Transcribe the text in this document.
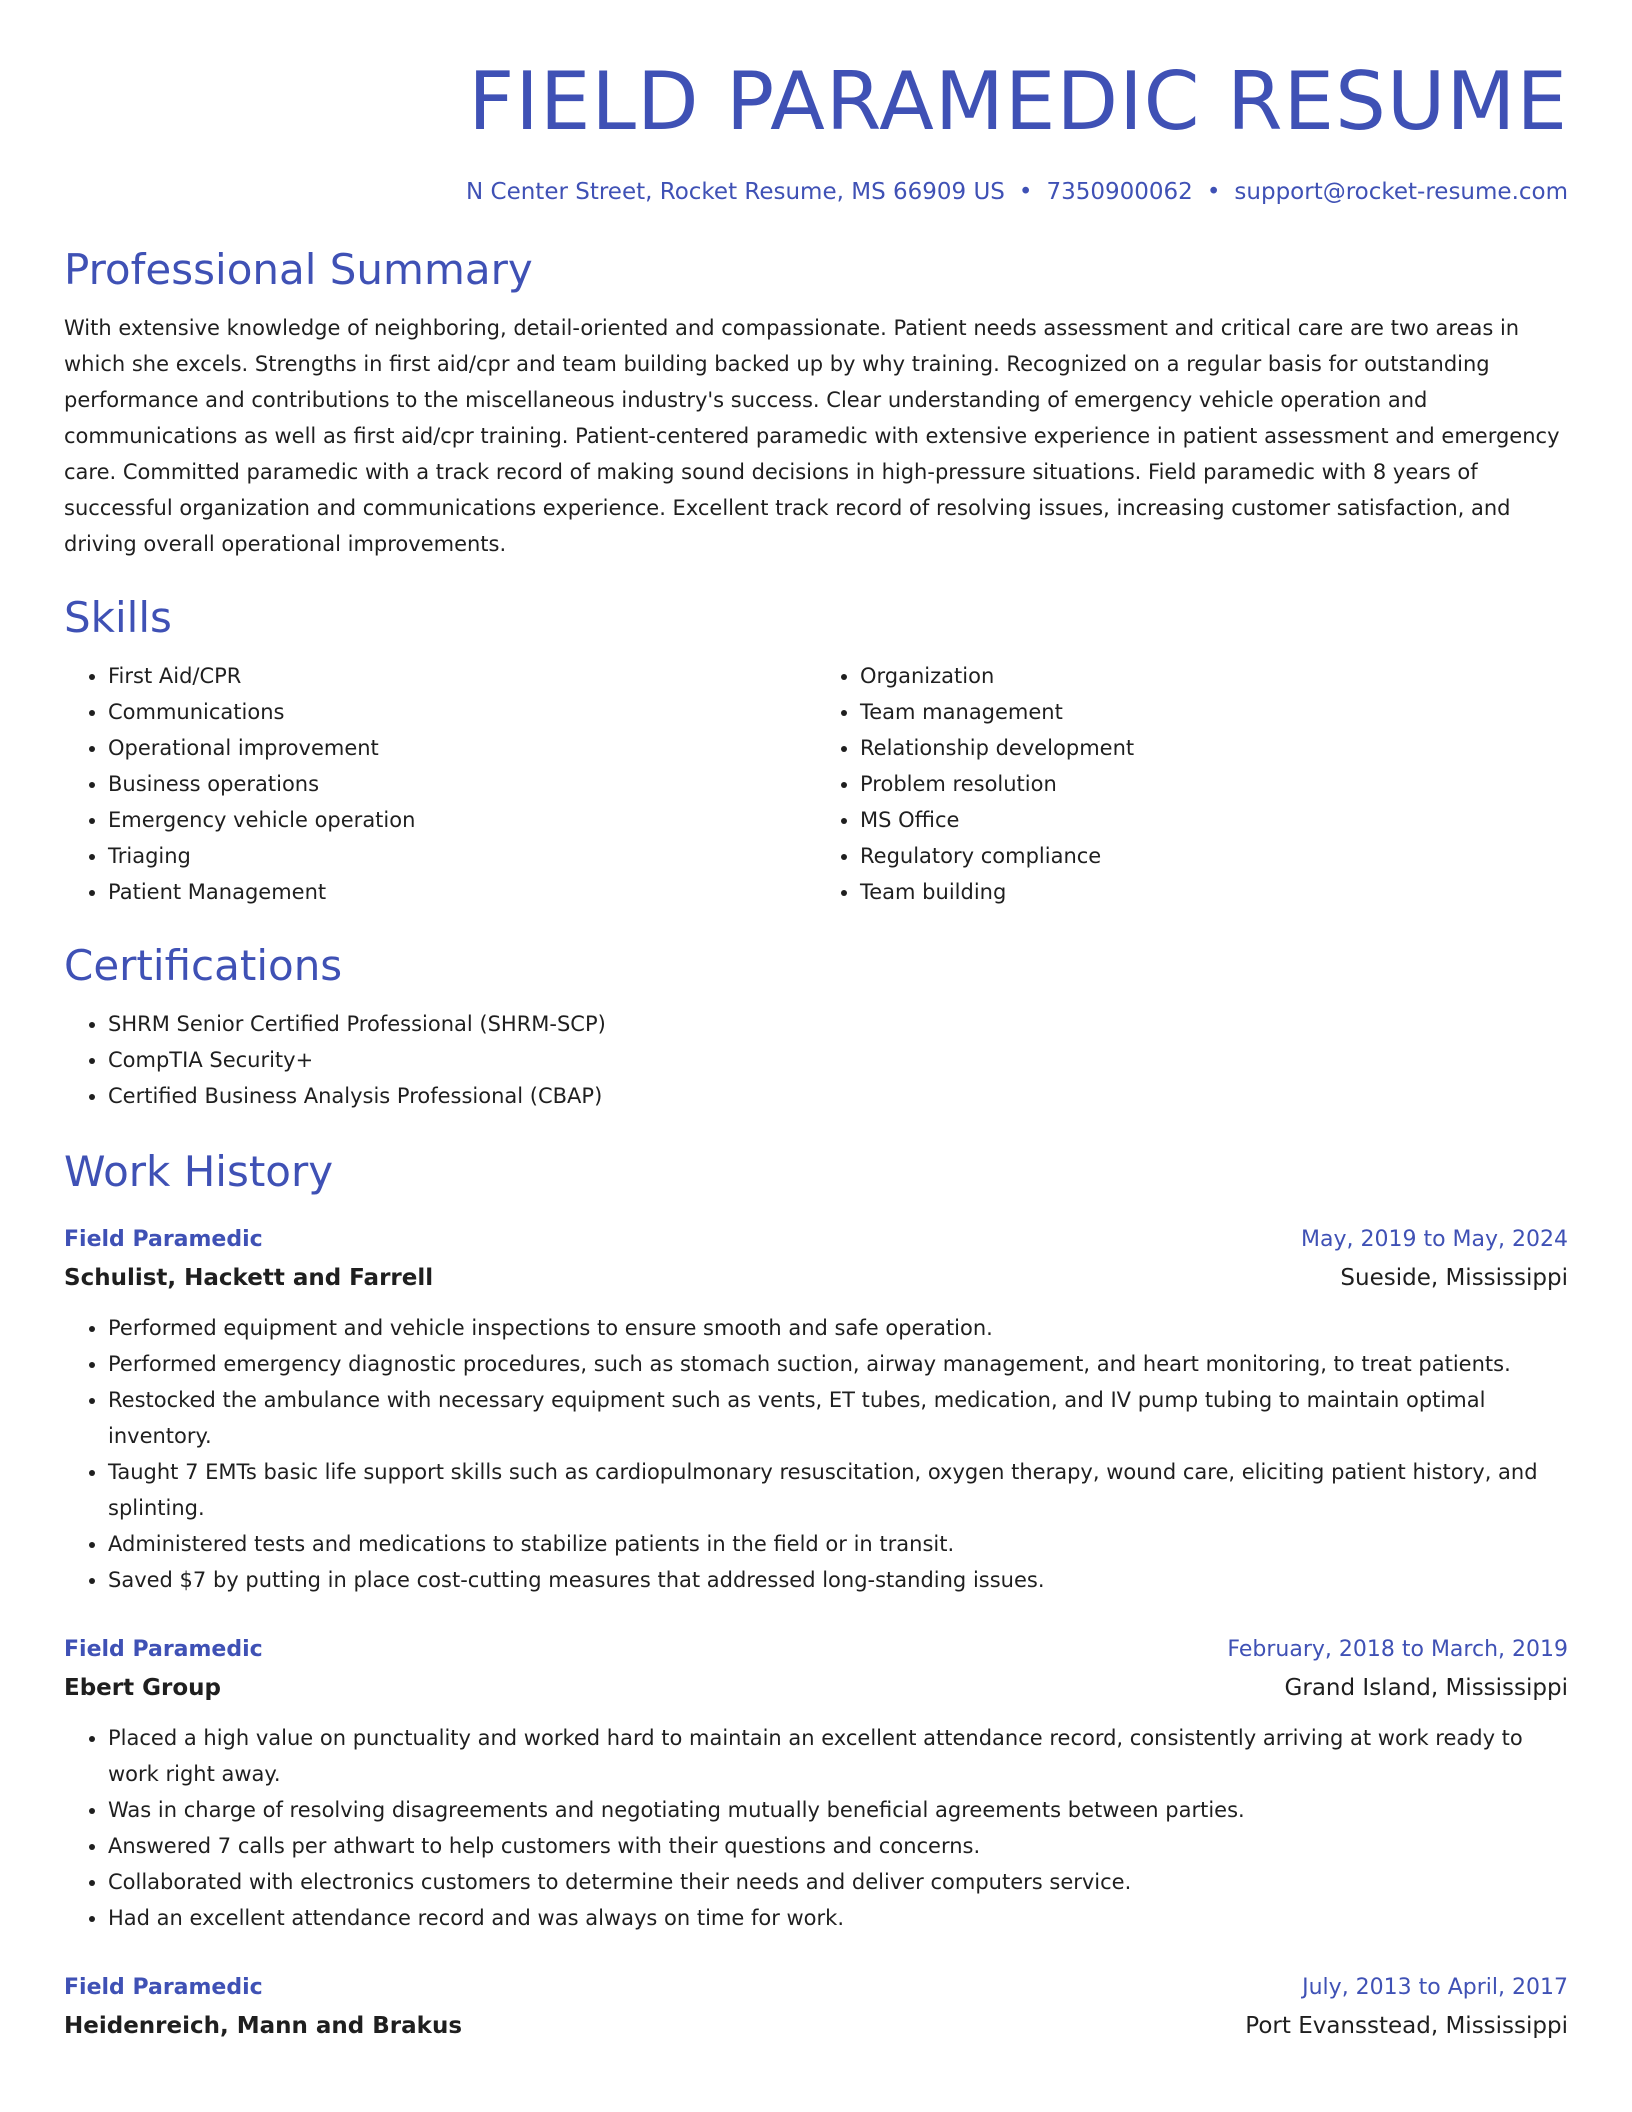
FIELD PARAMEDIC RESUME
N Center Street, Rocket Resume, MS 66909 US • 7350900062 • support@rocket-resume.com
Professional Summary

With extensive knowledge of neighboring, detail-oriented and compassionate. Patient needs assessment and critical care are two areas in which she excels. Strengths in first aid/cpr and team building backed up by why training. Recognized on a regular basis for outstanding performance and contributions to the miscellaneous industry's success. Clear understanding of emergency vehicle operation and communications as well as first aid/cpr training. Patient-centered paramedic with extensive experience in patient assessment and emergency care. Committed paramedic with a track record of making sound decisions in high-pressure situations. Field paramedic with 8 years of successful organization and communications experience. Excellent track record of resolving issues, increasing customer satisfaction, and driving overall operational improvements.

Skills
• First Aid/CPR
• Communications
• Operational improvement
• Business operations
• Emergency vehicle operation
• Triaging
• Patient Management
• Organization
• Team management
• Relationship development
• Problem resolution
• MS Office
• Regulatory compliance
• Team building
Certifications
• SHRM Senior Certified Professional (SHRM-SCP)
• CompTIA Security+
• Certified Business Analysis Professional (CBAP)
Work History
Field Paramedic	May, 2019 to May, 2024
Schulist, Hackett and Farrell	Sueside, Mississippi
• Performed equipment and vehicle inspections to ensure smooth and safe operation.
• Performed emergency diagnostic procedures, such as stomach suction, airway management, and heart monitoring, to treat patients.
• Restocked the ambulance with necessary equipment such as vents, ET tubes, medication, and IV pump tubing to maintain optimal inventory.
• Taught 7 EMTs basic life support skills such as cardiopulmonary resuscitation, oxygen therapy, wound care, eliciting patient history, and splinting.
• Administered tests and medications to stabilize patients in the field or in transit.
• Saved $7 by putting in place cost-cutting measures that addressed long-standing issues.
Field Paramedic	February, 2018 to March, 2019
Ebert Group	Grand Island, Mississippi
• Placed a high value on punctuality and worked hard to maintain an excellent attendance record, consistently arriving at work ready to work right away.
• Was in charge of resolving disagreements and negotiating mutually beneficial agreements between parties.
• Answered 7 calls per athwart to help customers with their questions and concerns.
• Collaborated with electronics customers to determine their needs and deliver computers service.
• Had an excellent attendance record and was always on time for work.
Field Paramedic	July, 2013 to April, 2017
Heidenreich, Mann and Brakus	Port Evansstead, Mississippi
